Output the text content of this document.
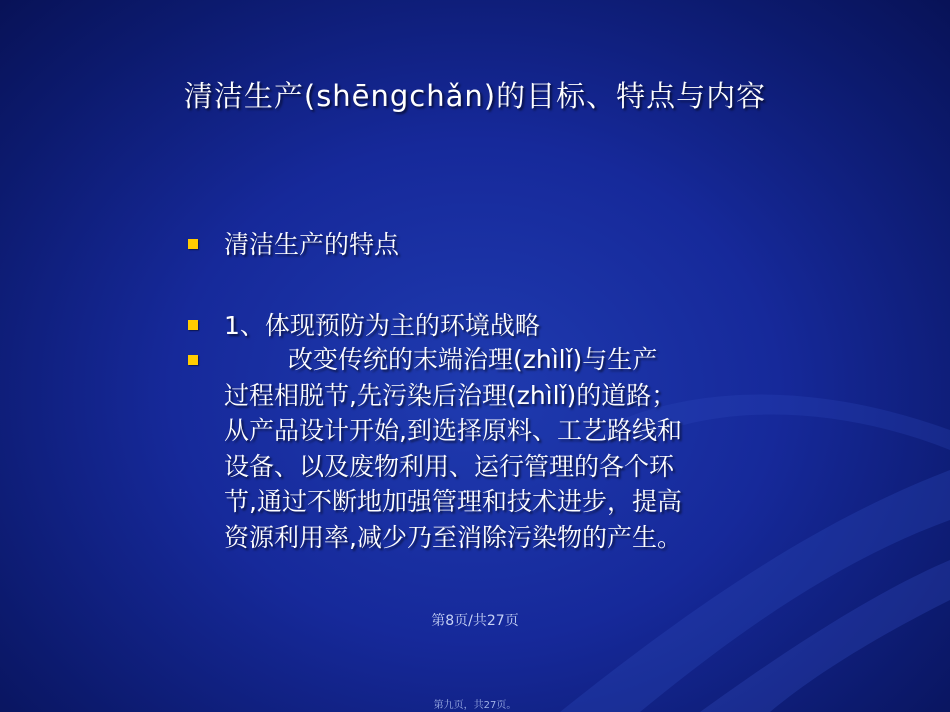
清洁生产(shēngchǎn)的目标、特点与内容
清洁生产的特点
1、体现预防为主的环境战略
改变传统的末端治理(zhìlǐ)与生产
过程相脱节,先污染后治理(zhìlǐ)的道路；
从产品设计开始,到选择原料、工艺路线和
设备、以及废物利用、运行管理的各个环
节,通过不断地加强管理和技术进步，提高
资源利用率,减少乃至消除污染物的产生。
第8页/共27页
第九页，共27页。
